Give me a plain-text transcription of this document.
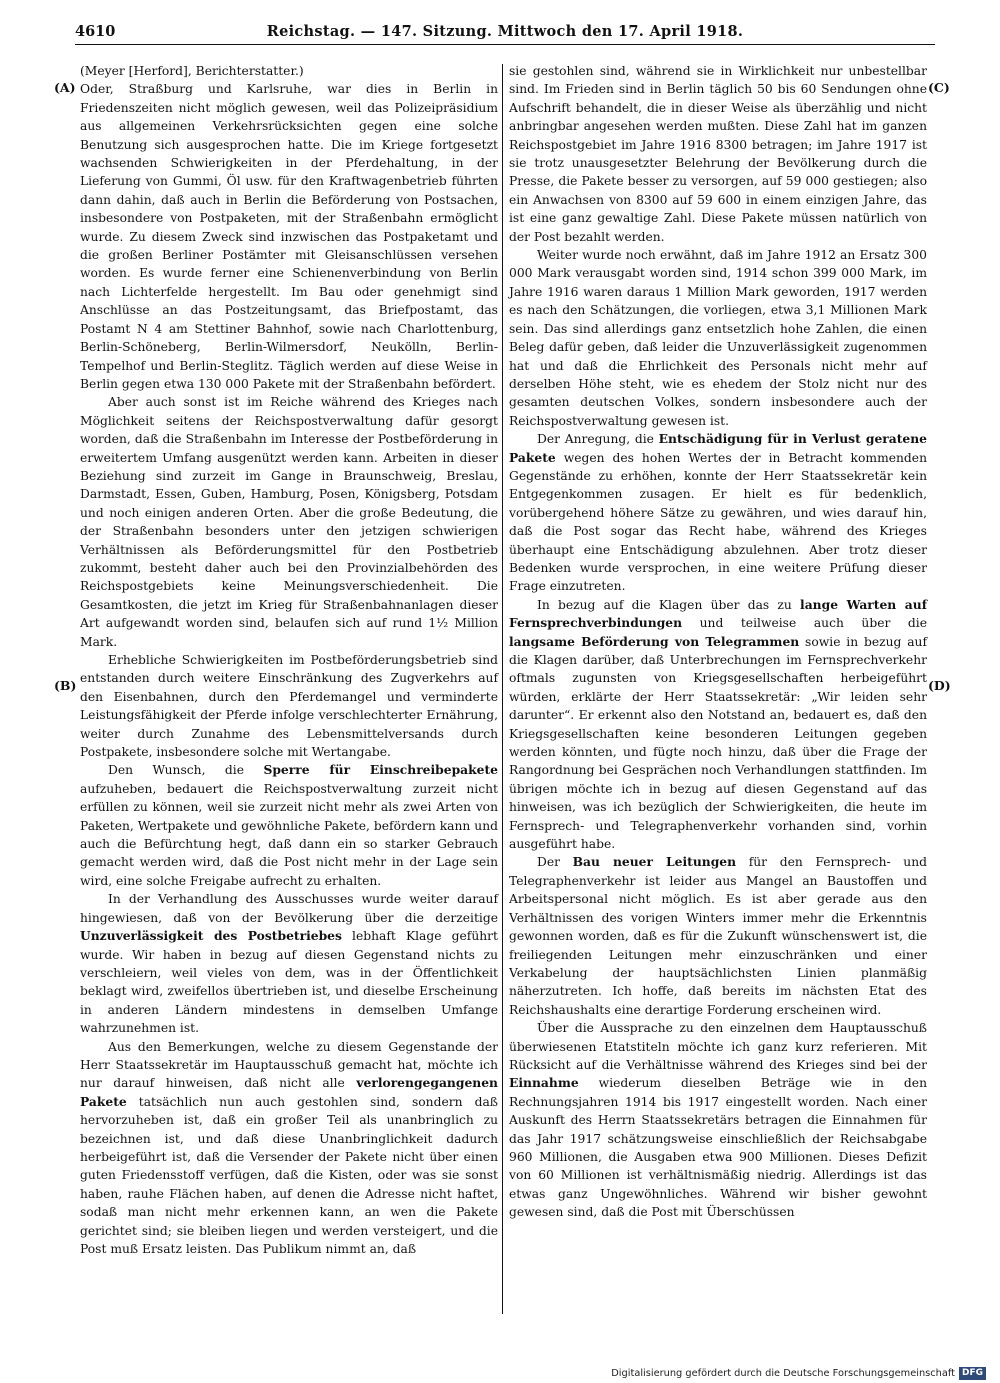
4610	Reichstag. — 147. Sitzung. Mittwoch den 17. April 1918.
(A)
(B)
(C)
(D)

(Meyer [Herford], Berichterstatter.)

Oder, Straßburg und Karlsruhe, war dies in Berlin in Friedenszeiten nicht möglich gewesen, weil das Polizeipräsidium aus allgemeinen Verkehrsrücksichten gegen eine solche Benutzung sich ausgesprochen hatte. Die im Kriege fortgesetzt wachsenden Schwierigkeiten in der Pferdehaltung, in der Lieferung von Gummi, Öl usw. für den Kraftwagenbetrieb führten dann dahin, daß auch in Berlin die Beförderung von Postsachen, insbesondere von Postpaketen, mit der Straßenbahn ermöglicht wurde. Zu diesem Zweck sind inzwischen das Postpaketamt und die großen Berliner Postämter mit Gleisanschlüssen versehen worden. Es wurde ferner eine Schienenverbindung von Berlin nach Lichterfelde hergestellt. Im Bau oder genehmigt sind Anschlüsse an das Postzeitungsamt, das Briefpostamt, das Postamt N 4 am Stettiner Bahnhof, sowie nach Charlottenburg, Berlin-Schöneberg, Berlin-Wilmersdorf, Neukölln, Berlin-Tempelhof und Berlin-Steglitz. Täglich werden auf diese Weise in Berlin gegen etwa 130 000 Pakete mit der Straßenbahn befördert.

Aber auch sonst ist im Reiche während des Krieges nach Möglichkeit seitens der Reichspostverwaltung dafür gesorgt worden, daß die Straßenbahn im Interesse der Postbeförderung in erweitertem Umfang ausgenützt werden kann. Arbeiten in dieser Beziehung sind zurzeit im Gange in Braunschweig, Breslau, Darmstadt, Essen, Guben, Hamburg, Posen, Königsberg, Potsdam und noch einigen anderen Orten. Aber die große Bedeutung, die der Straßenbahn besonders unter den jetzigen schwierigen Verhältnissen als Beförderungsmittel für den Postbetrieb zukommt, besteht daher auch bei den Provinzialbehörden des Reichspostgebiets keine Meinungsverschiedenheit. Die Gesamtkosten, die jetzt im Krieg für Straßenbahnanlagen dieser Art aufgewandt worden sind, belaufen sich auf rund 1½ Million Mark.

Erhebliche Schwierigkeiten im Postbeförderungsbetrieb sind entstanden durch weitere Einschränkung des Zugverkehrs auf den Eisenbahnen, durch den Pferdemangel und verminderte Leistungsfähigkeit der Pferde infolge verschlechterter Ernährung, weiter durch Zunahme des Lebensmittelversands durch Postpakete, insbesondere solche mit Wertangabe.

Den Wunsch, die Sperre für Einschreibepakete aufzuheben, bedauert die Reichspostverwaltung zurzeit nicht erfüllen zu können, weil sie zurzeit nicht mehr als zwei Arten von Paketen, Wertpakete und gewöhnliche Pakete, befördern kann und auch die Befürchtung hegt, daß dann ein so starker Gebrauch gemacht werden wird, daß die Post nicht mehr in der Lage sein wird, eine solche Freigabe aufrecht zu erhalten.

In der Verhandlung des Ausschusses wurde weiter darauf hingewiesen, daß von der Bevölkerung über die derzeitige Unzuverlässigkeit des Postbetriebes lebhaft Klage geführt wurde. Wir haben in bezug auf diesen Gegenstand nichts zu verschleiern, weil vieles von dem, was in der Öffentlichkeit beklagt wird, zweifellos übertrieben ist, und dieselbe Erscheinung in anderen Ländern mindestens in demselben Umfange wahrzunehmen ist.

Aus den Bemerkungen, welche zu diesem Gegenstande der Herr Staatssekretär im Hauptausschuß gemacht hat, möchte ich nur darauf hinweisen, daß nicht alle verlorengegangenen Pakete tatsächlich nun auch gestohlen sind, sondern daß hervorzuheben ist, daß ein großer Teil als unanbringlich zu bezeichnen ist, und daß diese Unanbringlichkeit dadurch herbeigeführt ist, daß die Versender der Pakete nicht über einen guten Friedensstoff verfügen, daß die Kisten, oder was sie sonst haben, rauhe Flächen haben, auf denen die Adresse nicht haftet, sodaß man nicht mehr erkennen kann, an wen die Pakete gerichtet sind; sie bleiben liegen und werden versteigert, und die Post muß Ersatz leisten. Das Publikum nimmt an, daß

sie gestohlen sind, während sie in Wirklichkeit nur unbestellbar sind. Im Frieden sind in Berlin täglich 50 bis 60 Sendungen ohne Aufschrift behandelt, die in dieser Weise als überzählig und nicht anbringbar angesehen werden mußten. Diese Zahl hat im ganzen Reichspostgebiet im Jahre 1916 8300 betragen; im Jahre 1917 ist sie trotz unausgesetzter Belehrung der Bevölkerung durch die Presse, die Pakete besser zu versorgen, auf 59 000 gestiegen; also ein Anwachsen von 8300 auf 59 600 in einem einzigen Jahre, das ist eine ganz gewaltige Zahl. Diese Pakete müssen natürlich von der Post bezahlt werden.

Weiter wurde noch erwähnt, daß im Jahre 1912 an Ersatz 300 000 Mark verausgabt worden sind, 1914 schon 399 000 Mark, im Jahre 1916 waren daraus 1 Million Mark geworden, 1917 werden es nach den Schätzungen, die vorliegen, etwa 3,1 Millionen Mark sein. Das sind allerdings ganz entsetzlich hohe Zahlen, die einen Beleg dafür geben, daß leider die Unzuverlässigkeit zugenommen hat und daß die Ehrlichkeit des Personals nicht mehr auf derselben Höhe steht, wie es ehedem der Stolz nicht nur des gesamten deutschen Volkes, sondern insbesondere auch der Reichspostverwaltung gewesen ist.

Der Anregung, die Entschädigung für in Verlust geratene Pakete wegen des hohen Wertes der in Betracht kommenden Gegenstände zu erhöhen, konnte der Herr Staatssekretär kein Entgegenkommen zusagen. Er hielt es für bedenklich, vorübergehend höhere Sätze zu gewähren, und wies darauf hin, daß die Post sogar das Recht habe, während des Krieges überhaupt eine Entschädigung abzulehnen. Aber trotz dieser Bedenken wurde versprochen, in eine weitere Prüfung dieser Frage einzutreten.

In bezug auf die Klagen über das zu lange Warten auf Fernsprechverbindungen und teilweise auch über die langsame Beförderung von Telegrammen sowie in bezug auf die Klagen darüber, daß Unterbrechungen im Fernsprechverkehr oftmals zugunsten von Kriegsgesellschaften herbeigeführt würden, erklärte der Herr Staatssekretär: „Wir leiden sehr darunter“. Er erkennt also den Notstand an, bedauert es, daß den Kriegsgesellschaften keine besonderen Leitungen gegeben werden könnten, und fügte noch hinzu, daß über die Frage der Rangordnung bei Gesprächen noch Verhandlungen stattfinden. Im übrigen möchte ich in bezug auf diesen Gegenstand auf das hinweisen, was ich bezüglich der Schwierigkeiten, die heute im Fernsprech- und Telegraphenverkehr vorhanden sind, vorhin ausgeführt habe.

Der Bau neuer Leitungen für den Fernsprech- und Telegraphenverkehr ist leider aus Mangel an Baustoffen und Arbeitspersonal nicht möglich. Es ist aber gerade aus den Verhältnissen des vorigen Winters immer mehr die Erkenntnis gewonnen worden, daß es für die Zukunft wünschenswert ist, die freiliegenden Leitungen mehr einzuschränken und einer Verkabelung der hauptsächlichsten Linien planmäßig näherzutreten. Ich hoffe, daß bereits im nächsten Etat des Reichshaushalts eine derartige Forderung erscheinen wird.

Über die Aussprache zu den einzelnen dem Hauptausschuß überwiesenen Etatstiteln möchte ich ganz kurz referieren. Mit Rücksicht auf die Verhältnisse während des Krieges sind bei der Einnahme wiederum dieselben Beträge wie in den Rechnungsjahren 1914 bis 1917 eingestellt worden. Nach einer Auskunft des Herrn Staatssekretärs betragen die Einnahmen für das Jahr 1917 schätzungsweise einschließlich der Reichsabgabe 960 Millionen, die Ausgaben etwa 900 Millionen. Dieses Defizit von 60 Millionen ist verhältnismäßig niedrig. Allerdings ist das etwas ganz Ungewöhnliches. Während wir bisher gewohnt gewesen sind, daß die Post mit Überschüssen

Digitalisierung gefördert durch die Deutsche Forschungsgemeinschaft DFG
